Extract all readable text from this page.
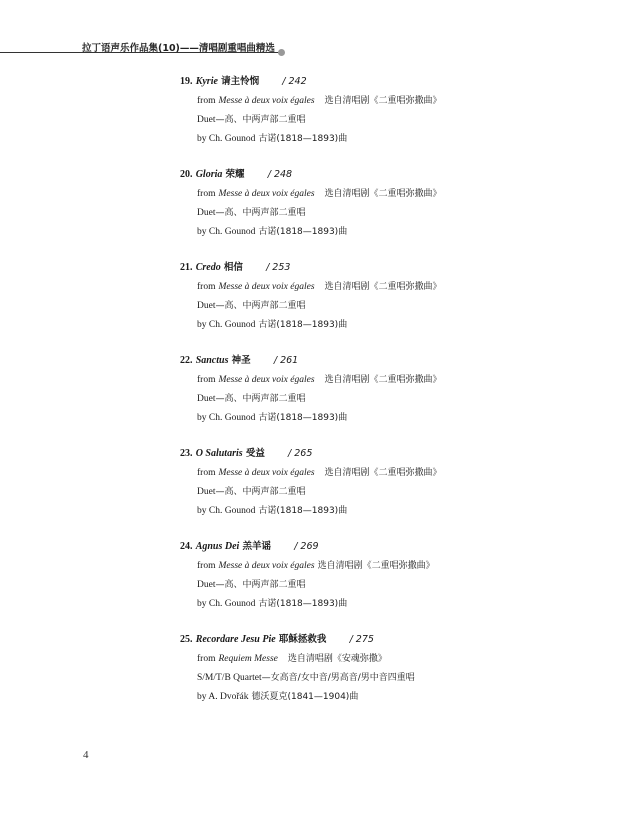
拉丁语声乐作品集(10)——清唱剧重唱曲精选
19. Kyrie 请主怜悯 / 242
from Messe à deux voix égales 选自清唱剧《二重唱弥撒曲》
Duet—高、中两声部二重唱
by Ch. Gounod 古诺(1818—1893)曲
20. Gloria 荣耀 / 248
from Messe à deux voix égales 选自清唱剧《二重唱弥撒曲》
Duet—高、中两声部二重唱
by Ch. Gounod 古诺(1818—1893)曲
21. Credo 相信 / 253
from Messe à deux voix égales 选自清唱剧《二重唱弥撒曲》
Duet—高、中两声部二重唱
by Ch. Gounod 古诺(1818—1893)曲
22. Sanctus 神圣 / 261
from Messe à deux voix égales 选自清唱剧《二重唱弥撒曲》
Duet—高、中两声部二重唱
by Ch. Gounod 古诺(1818—1893)曲
23. O Salutaris 受益 / 265
from Messe à deux voix égales 选自清唱剧《二重唱弥撒曲》
Duet—高、中两声部二重唱
by Ch. Gounod 古诺(1818—1893)曲
24. Agnus Dei 羔羊谣 / 269
from Messe à deux voix égales 选自清唱剧《二重唱弥撒曲》
Duet—高、中两声部二重唱
by Ch. Gounod 古诺(1818—1893)曲
25. Recordare Jesu Pie 耶稣拯救我 / 275
from Requiem Messe 选自清唱剧《安魂弥撒》
S/M/T/B Quartet—女高音/女中音/男高音/男中音四重唱
by A. Dvořák 德沃夏克(1841—1904)曲
4
